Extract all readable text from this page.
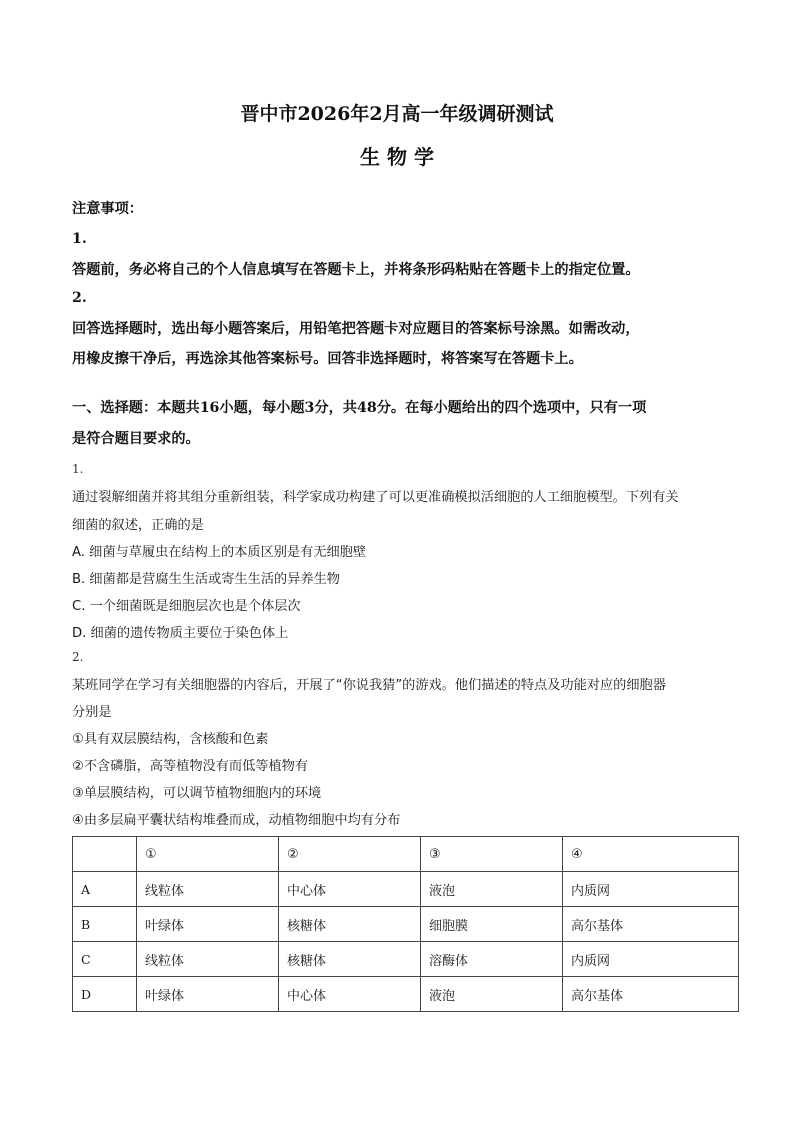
晋中市2026年2月高一年级调研测试
生 物 学
注意事项：
1.
答题前，务必将自己的个人信息填写在答题卡上，并将条形码粘贴在答题卡上的指定位置。
2.
回答选择题时，选出每小题答案后，用铅笔把答题卡对应题目的答案标号涂黑。如需改动，
用橡皮擦干净后，再选涂其他答案标号。回答非选择题时，将答案写在答题卡上。
一、选择题：本题共16小题，每小题3分，共48分。在每小题给出的四个选项中，只有一项
是符合题目要求的。
1.
通过裂解细菌并将其组分重新组装，科学家成功构建了可以更准确模拟活细胞的人工细胞模型。下列有关
细菌的叙述，正确的是
A. 细菌与草履虫在结构上的本质区别是有无细胞壁
B. 细菌都是营腐生生活或寄生生活的异养生物
C. 一个细菌既是细胞层次也是个体层次
D. 细菌的遗传物质主要位于染色体上
2.
某班同学在学习有关细胞器的内容后，开展了“你说我猜”的游戏。他们描述的特点及功能对应的细胞器
分别是
①具有双层膜结构，含核酸和色素
②不含磷脂，高等植物没有而低等植物有
③单层膜结构，可以调节植物细胞内的环境
④由多层扁平囊状结构堆叠而成，动植物细胞中均有分布
	①	②	③	④
A	线粒体	中心体	液泡	内质网
B	叶绿体	核糖体	细胞膜	高尔基体
C	线粒体	核糖体	溶酶体	内质网
D	叶绿体	中心体	液泡	高尔基体
